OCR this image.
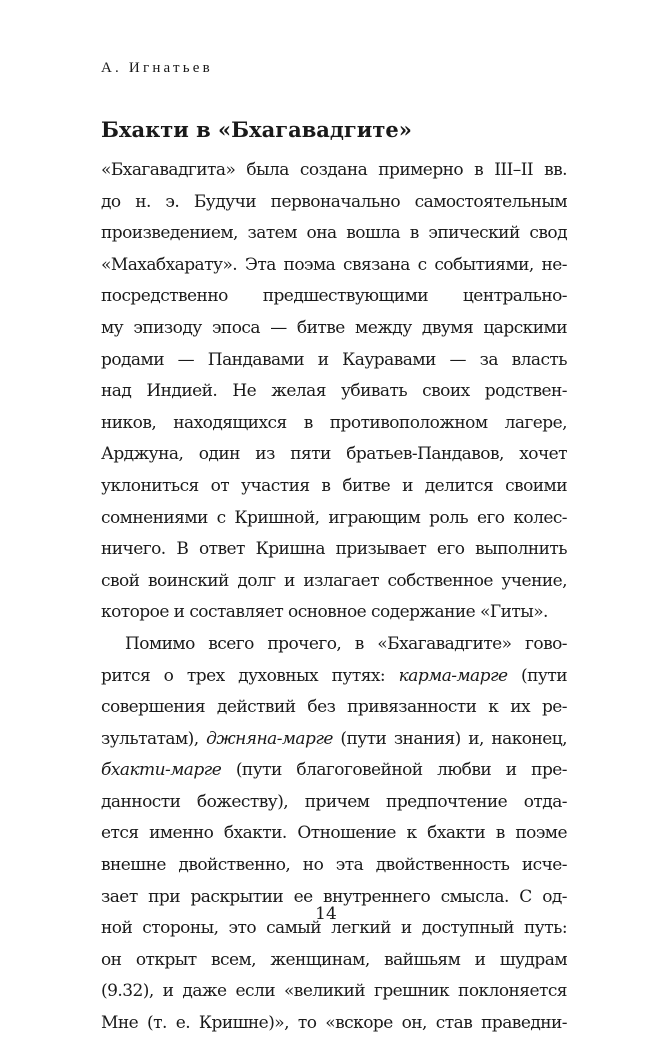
А. Игнатьев
Бхакти в «Бхагавадгите»
«Бхагавадгита» была создана примерно в III–II вв.
до н. э. Будучи первоначально самостоятельным
произведением, затем она вошла в эпический свод
«Махабхарату». Эта поэма связана с событиями, не-
посредственно предшествующими центрально-
му эпизоду эпоса — битве между двумя царскими
родами — Пандавами и Кауравами — за власть
над Индией. Не желая убивать своих родствен-
ников, находящихся в противоположном лагере,
Арджуна, один из пяти братьев-Пандавов, хочет
уклониться от участия в битве и делится своими
сомнениями с Кришной, играющим роль его колес-
ничего. В ответ Кришна призывает его выполнить
свой воинский долг и излагает собственное учение,
которое и составляет основное содержание «Гиты».
Помимо всего прочего, в «Бхагавадгите» гово-
рится о трех духовных путях: карма-марге (пути
совершения действий без привязанности к их ре-
зультатам), джняна-марге (пути знания) и, наконец,
бхакти-марге (пути благоговейной любви и пре-
данности божеству), причем предпочтение отда-
ется именно бхакти. Отношение к бхакти в поэме
внешне двойственно, но эта двойственность исче-
зает при раскрытии ее внутреннего смысла. С од-
ной стороны, это самый легкий и доступный путь:
он открыт всем, женщинам, вайшьям и шудрам
(9.32), и даже если «великий грешник поклоняется
Мне (т. е. Кришне)», то «вскоре он, став праведни-
14
